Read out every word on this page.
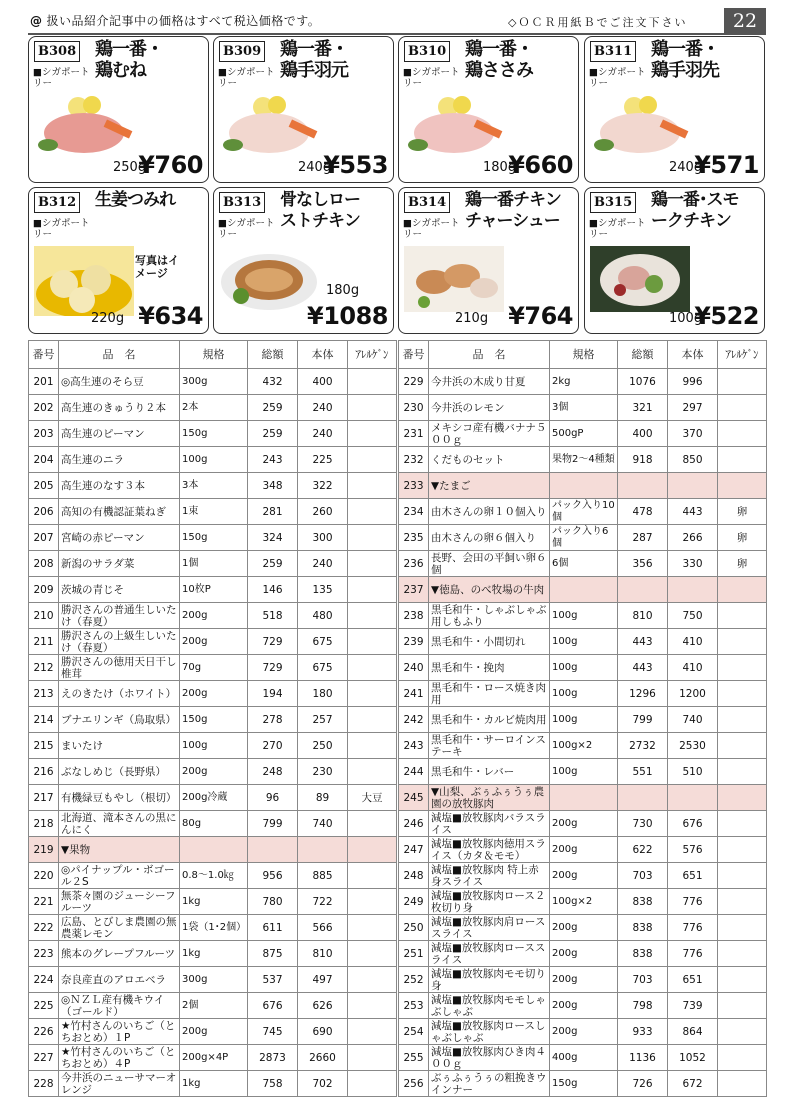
@ 扱い品紹介記事中の価格はすべて税込価格です。	◇ＯＣＲ用紙Ｂでご注文下さい	22
B308 鶏一番・
鶏むね
■シガポートリー
250g
¥760
B309 鶏一番・
鶏手羽元
■シガポートリー
240g
¥553
B310 鶏一番・
鶏ささみ
■シガポートリー
180g
¥660
B311 鶏一番・
鶏手羽先
■シガポートリー
240g
¥571
B312 生姜つみれ
■シガポートリー
写真はイメージ
220g ¥634
B313 骨なしロー
ストチキン
■シガポートリー
180g
¥1088
B314 鶏一番チキン
チャーシュー
■シガポートリー
210g ¥764
B315 鶏一番･スモ
ークチキン
■シガポートリー
100g
¥522
番号	品　名	規格	総額	本体	ｱﾚﾙｹﾞﾝ
201	◎高生連のそら豆	300g	432	400	
202	高生連のきゅうり２本	2本	259	240	
203	高生連のピーマン	150g	259	240	
204	高生連のニラ	100g	243	225	
205	高生連のなす３本	3本	348	322	
206	高知の有機認証葉ねぎ	1束	281	260	
207	宮崎の赤ピーマン	150g	324	300	
208	新潟のサラダ菜	1個	259	240	
209	茨城の青じそ	10枚P	146	135	
210	勝沢さんの普通生しいたけ（春夏）	200g	518	480	
211	勝沢さんの上級生しいたけ（春夏）	200g	729	675	
212	勝沢さんの徳用天日干し椎茸	70g	729	675	
213	えのきたけ（ホワイト）	200g	194	180	
214	ブナエリンギ（鳥取県）	150g	278	257	
215	まいたけ	100g	270	250	
216	ぶなしめじ（長野県）	200g	248	230	
217	有機緑豆もやし（根切）	200g冷蔵	96	89	大豆
218	北海道、滝本さんの黒にんにく	80g	799	740	
219	▼果物				
220	◎パイナップル・ボゴール２S	0.8～1.0㎏	956	885	
221	無茶々園のジューシーフルーツ	1kg	780	722	
222	広島、とびしま農園の無農薬レモン	1袋（1･2個）	611	566	
223	熊本のグレープフルーツ	1kg	875	810	
224	奈良産直のアロエベラ	300g	537	497	
225	◎ＮＺＬ産有機キウイ（ゴールド）	2個	676	626	
226	★竹村さんのいちご（とちおとめ）１P	200g	745	690	
227	★竹村さんのいちご（とちおとめ）４P	200g×4P	2873	2660	
228	今井浜のニューサマーオレンジ	1kg	758	702	
番号	品　名	規格	総額	本体	ｱﾚﾙｹﾞﾝ
229	今井浜の木成り甘夏	2kg	1076	996	
230	今井浜のレモン	3個	321	297	
231	メキシコ産有機バナナ５００ｇ	500gP	400	370	
232	くだものセット	果物2～4種類	918	850	
233	▼たまご				
234	由木さんの卵１０個入り	パック入り10個	478	443	卵
235	由木さんの卵６個入り	パック入り6個	287	266	卵
236	長野、会田の平飼い卵６個	6個	356	330	卵
237	▼徳島、のべ牧場の牛肉				
238	黒毛和牛・しゃぶしゃぶ用しもふり	100g	810	750	
239	黒毛和牛・小間切れ	100g	443	410	
240	黒毛和牛・挽肉	100g	443	410	
241	黒毛和牛・ロース焼き肉用	100g	1296	1200	
242	黒毛和牛・カルビ焼肉用	100g	799	740	
243	黒毛和牛・サーロインステーキ	100g×2	2732	2530	
244	黒毛和牛・レバー	100g	551	510	
245	▼山梨、ぶぅふぅうぅ農園の放牧豚肉				
246	減塩■放牧豚肉バラスライス	200g	730	676	
247	減塩■放牧豚肉徳用スライス（カタ＆モモ）	200g	622	576	
248	減塩■放牧豚肉 特上赤身スライス	200g	703	651	
249	減塩■放牧豚肉ロース２枚切り身	100g×2	838	776	
250	減塩■放牧豚肉肩ローススライス	200g	838	776	
251	減塩■放牧豚肉ローススライス	200g	838	776	
252	減塩■放牧豚肉モモ切り身	200g	703	651	
253	減塩■放牧豚肉モモしゃぶしゃぶ	200g	798	739	
254	減塩■放牧豚肉ロースしゃぶしゃぶ	200g	933	864	
255	減塩■放牧豚肉ひき肉４００ｇ	400g	1136	1052	
256	ぶぅふぅうぅの粗挽きウインナー	150g	726	672	
